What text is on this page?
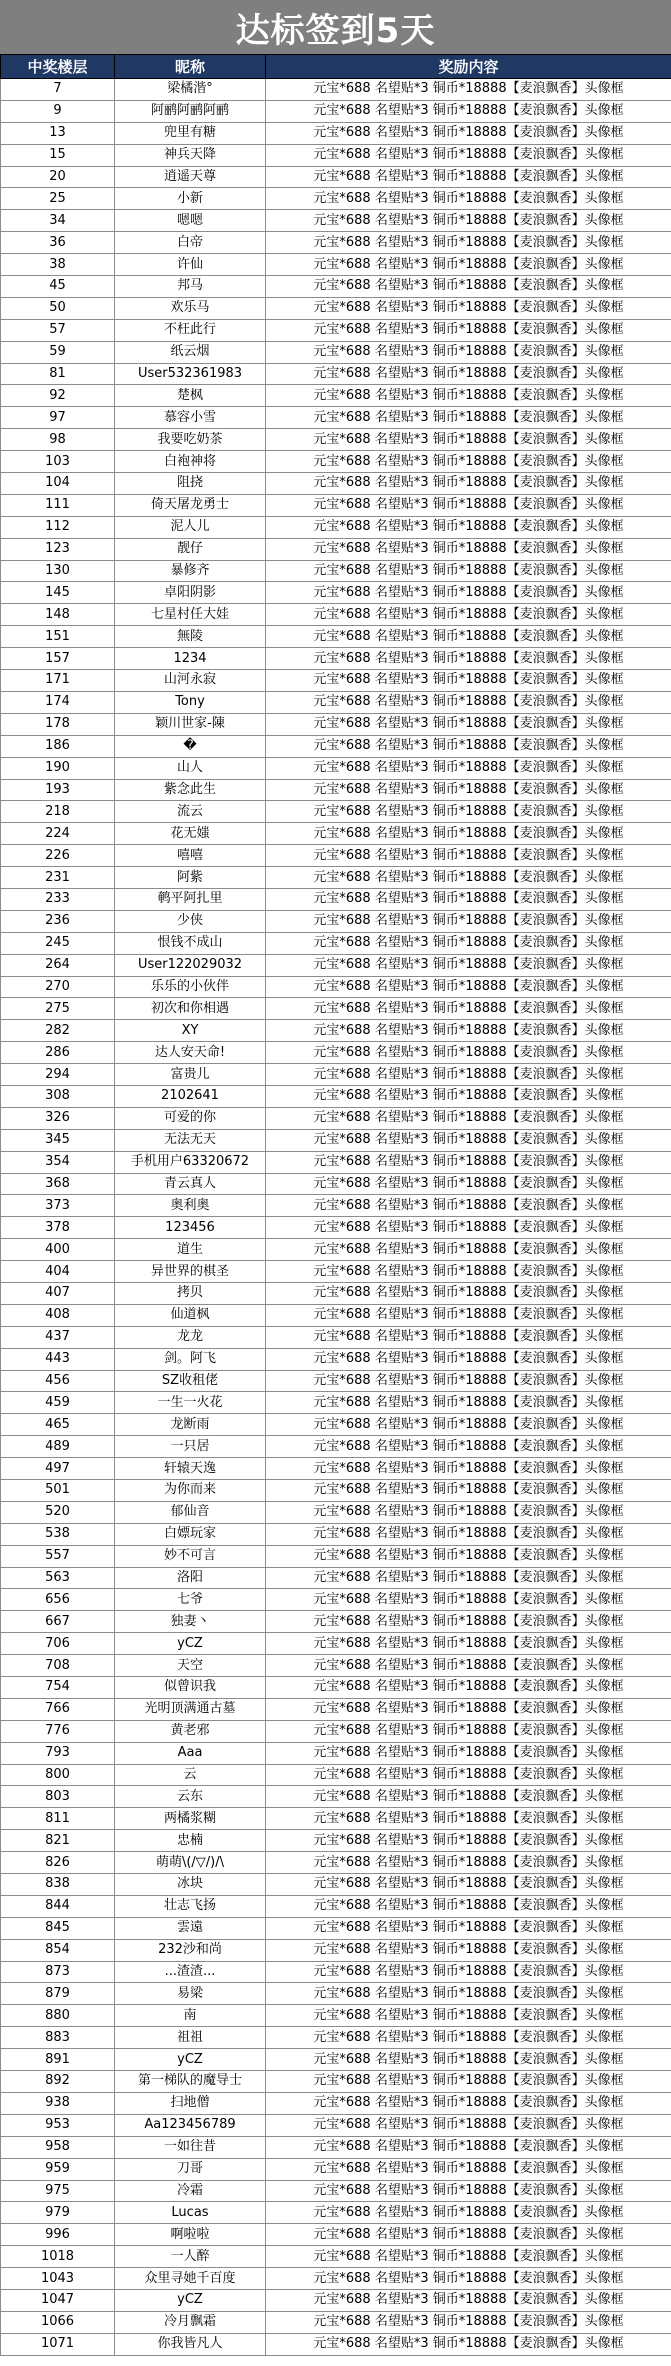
达标签到5天
中奖楼层	昵称	奖励内容
7	梁橘湝°	元宝*688 名望贴*3 铜币*18888【麦浪飘香】头像框
9	阿鹂阿鹂阿鹂	元宝*688 名望贴*3 铜币*18888【麦浪飘香】头像框
13	兜里有糖	元宝*688 名望贴*3 铜币*18888【麦浪飘香】头像框
15	神兵天降	元宝*688 名望贴*3 铜币*18888【麦浪飘香】头像框
20	逍遥天尊	元宝*688 名望贴*3 铜币*18888【麦浪飘香】头像框
25	小新	元宝*688 名望贴*3 铜币*18888【麦浪飘香】头像框
34	嗯嗯	元宝*688 名望贴*3 铜币*18888【麦浪飘香】头像框
36	白帝	元宝*688 名望贴*3 铜币*18888【麦浪飘香】头像框
38	许仙	元宝*688 名望贴*3 铜币*18888【麦浪飘香】头像框
45	邦马	元宝*688 名望贴*3 铜币*18888【麦浪飘香】头像框
50	欢乐马	元宝*688 名望贴*3 铜币*18888【麦浪飘香】头像框
57	不枉此行	元宝*688 名望贴*3 铜币*18888【麦浪飘香】头像框
59	纸云烟	元宝*688 名望贴*3 铜币*18888【麦浪飘香】头像框
81	User532361983	元宝*688 名望贴*3 铜币*18888【麦浪飘香】头像框
92	楚枫	元宝*688 名望贴*3 铜币*18888【麦浪飘香】头像框
97	慕容小雪	元宝*688 名望贴*3 铜币*18888【麦浪飘香】头像框
98	我要吃奶茶	元宝*688 名望贴*3 铜币*18888【麦浪飘香】头像框
103	白袍神将	元宝*688 名望贴*3 铜币*18888【麦浪飘香】头像框
104	阻挠	元宝*688 名望贴*3 铜币*18888【麦浪飘香】头像框
111	倚天屠龙勇士	元宝*688 名望贴*3 铜币*18888【麦浪飘香】头像框
112	泥人儿	元宝*688 名望贴*3 铜币*18888【麦浪飘香】头像框
123	靓仔	元宝*688 名望贴*3 铜币*18888【麦浪飘香】头像框
130	暴修齐	元宝*688 名望贴*3 铜币*18888【麦浪飘香】头像框
145	卓阳阴影	元宝*688 名望贴*3 铜币*18888【麦浪飘香】头像框
148	七星村任大娃	元宝*688 名望贴*3 铜币*18888【麦浪飘香】头像框
151	無陵	元宝*688 名望贴*3 铜币*18888【麦浪飘香】头像框
157	1234	元宝*688 名望贴*3 铜币*18888【麦浪飘香】头像框
171	山河永寂	元宝*688 名望贴*3 铜币*18888【麦浪飘香】头像框
174	Tony	元宝*688 名望贴*3 铜币*18888【麦浪飘香】头像框
178	颖川世家-陳	元宝*688 名望贴*3 铜币*18888【麦浪飘香】头像框
186	�	元宝*688 名望贴*3 铜币*18888【麦浪飘香】头像框
190	山人	元宝*688 名望贴*3 铜币*18888【麦浪飘香】头像框
193	紫念此生	元宝*688 名望贴*3 铜币*18888【麦浪飘香】头像框
218	流云	元宝*688 名望贴*3 铜币*18888【麦浪飘香】头像框
224	花无媸	元宝*688 名望贴*3 铜币*18888【麦浪飘香】头像框
226	嘻嘻	元宝*688 名望贴*3 铜币*18888【麦浪飘香】头像框
231	阿紫	元宝*688 名望贴*3 铜币*18888【麦浪飘香】头像框
233	鹌平阿扎里	元宝*688 名望贴*3 铜币*18888【麦浪飘香】头像框
236	少侠	元宝*688 名望贴*3 铜币*18888【麦浪飘香】头像框
245	恨钱不成山	元宝*688 名望贴*3 铜币*18888【麦浪飘香】头像框
264	User122029032	元宝*688 名望贴*3 铜币*18888【麦浪飘香】头像框
270	乐乐的小伙伴	元宝*688 名望贴*3 铜币*18888【麦浪飘香】头像框
275	初次和你相遇	元宝*688 名望贴*3 铜币*18888【麦浪飘香】头像框
282	XY	元宝*688 名望贴*3 铜币*18888【麦浪飘香】头像框
286	达人安天命!	元宝*688 名望贴*3 铜币*18888【麦浪飘香】头像框
294	富贵儿	元宝*688 名望贴*3 铜币*18888【麦浪飘香】头像框
308	2102641	元宝*688 名望贴*3 铜币*18888【麦浪飘香】头像框
326	可爱的你	元宝*688 名望贴*3 铜币*18888【麦浪飘香】头像框
345	无法无天	元宝*688 名望贴*3 铜币*18888【麦浪飘香】头像框
354	手机用户63320672	元宝*688 名望贴*3 铜币*18888【麦浪飘香】头像框
368	青云真人	元宝*688 名望贴*3 铜币*18888【麦浪飘香】头像框
373	奥利奥	元宝*688 名望贴*3 铜币*18888【麦浪飘香】头像框
378	123456	元宝*688 名望贴*3 铜币*18888【麦浪飘香】头像框
400	道生	元宝*688 名望贴*3 铜币*18888【麦浪飘香】头像框
404	异世界的棋圣	元宝*688 名望贴*3 铜币*18888【麦浪飘香】头像框
407	拷贝	元宝*688 名望贴*3 铜币*18888【麦浪飘香】头像框
408	仙道枫	元宝*688 名望贴*3 铜币*18888【麦浪飘香】头像框
437	龙龙	元宝*688 名望贴*3 铜币*18888【麦浪飘香】头像框
443	剑。阿飞	元宝*688 名望贴*3 铜币*18888【麦浪飘香】头像框
456	SZ收租佬	元宝*688 名望贴*3 铜币*18888【麦浪飘香】头像框
459	一生一火花	元宝*688 名望贴*3 铜币*18888【麦浪飘香】头像框
465	龙断雨	元宝*688 名望贴*3 铜币*18888【麦浪飘香】头像框
489	一只居	元宝*688 名望贴*3 铜币*18888【麦浪飘香】头像框
497	轩辕天逸	元宝*688 名望贴*3 铜币*18888【麦浪飘香】头像框
501	为你而来	元宝*688 名望贴*3 铜币*18888【麦浪飘香】头像框
520	郁仙音	元宝*688 名望贴*3 铜币*18888【麦浪飘香】头像框
538	白嫖玩家	元宝*688 名望贴*3 铜币*18888【麦浪飘香】头像框
557	妙不可言	元宝*688 名望贴*3 铜币*18888【麦浪飘香】头像框
563	洛阳	元宝*688 名望贴*3 铜币*18888【麦浪飘香】头像框
656	七爷	元宝*688 名望贴*3 铜币*18888【麦浪飘香】头像框
667	独妻丶	元宝*688 名望贴*3 铜币*18888【麦浪飘香】头像框
706	yCZ	元宝*688 名望贴*3 铜币*18888【麦浪飘香】头像框
708	天空	元宝*688 名望贴*3 铜币*18888【麦浪飘香】头像框
754	似曾识我	元宝*688 名望贴*3 铜币*18888【麦浪飘香】头像框
766	光明顶满通古墓	元宝*688 名望贴*3 铜币*18888【麦浪飘香】头像框
776	黄老邪	元宝*688 名望贴*3 铜币*18888【麦浪飘香】头像框
793	Aaa	元宝*688 名望贴*3 铜币*18888【麦浪飘香】头像框
800	云	元宝*688 名望贴*3 铜币*18888【麦浪飘香】头像框
803	云东	元宝*688 名望贴*3 铜币*18888【麦浪飘香】头像框
811	两橘浆糊	元宝*688 名望贴*3 铜币*18888【麦浪飘香】头像框
821	忠楠	元宝*688 名望贴*3 铜币*18888【麦浪飘香】头像框
826	萌萌\(/▽/)/\	元宝*688 名望贴*3 铜币*18888【麦浪飘香】头像框
838	冰块	元宝*688 名望贴*3 铜币*18888【麦浪飘香】头像框
844	壮志飞扬	元宝*688 名望贴*3 铜币*18888【麦浪飘香】头像框
845	雲遠	元宝*688 名望贴*3 铜币*18888【麦浪飘香】头像框
854	232沙和尚	元宝*688 名望贴*3 铜币*18888【麦浪飘香】头像框
873	...渣渣...	元宝*688 名望贴*3 铜币*18888【麦浪飘香】头像框
879	易梁	元宝*688 名望贴*3 铜币*18888【麦浪飘香】头像框
880	南	元宝*688 名望贴*3 铜币*18888【麦浪飘香】头像框
883	祖祖	元宝*688 名望贴*3 铜币*18888【麦浪飘香】头像框
891	yCZ	元宝*688 名望贴*3 铜币*18888【麦浪飘香】头像框
892	第一梯队的魔导士	元宝*688 名望贴*3 铜币*18888【麦浪飘香】头像框
938	扫地僧	元宝*688 名望贴*3 铜币*18888【麦浪飘香】头像框
953	Aa123456789	元宝*688 名望贴*3 铜币*18888【麦浪飘香】头像框
958	一如往昔	元宝*688 名望贴*3 铜币*18888【麦浪飘香】头像框
959	刀哥	元宝*688 名望贴*3 铜币*18888【麦浪飘香】头像框
975	冷霜	元宝*688 名望贴*3 铜币*18888【麦浪飘香】头像框
979	Lucas	元宝*688 名望贴*3 铜币*18888【麦浪飘香】头像框
996	啊啦啦	元宝*688 名望贴*3 铜币*18888【麦浪飘香】头像框
1018	一人醉	元宝*688 名望贴*3 铜币*18888【麦浪飘香】头像框
1043	众里寻她千百度	元宝*688 名望贴*3 铜币*18888【麦浪飘香】头像框
1047	yCZ	元宝*688 名望贴*3 铜币*18888【麦浪飘香】头像框
1066	冷月飘霜	元宝*688 名望贴*3 铜币*18888【麦浪飘香】头像框
1071	你我皆凡人	元宝*688 名望贴*3 铜币*18888【麦浪飘香】头像框
